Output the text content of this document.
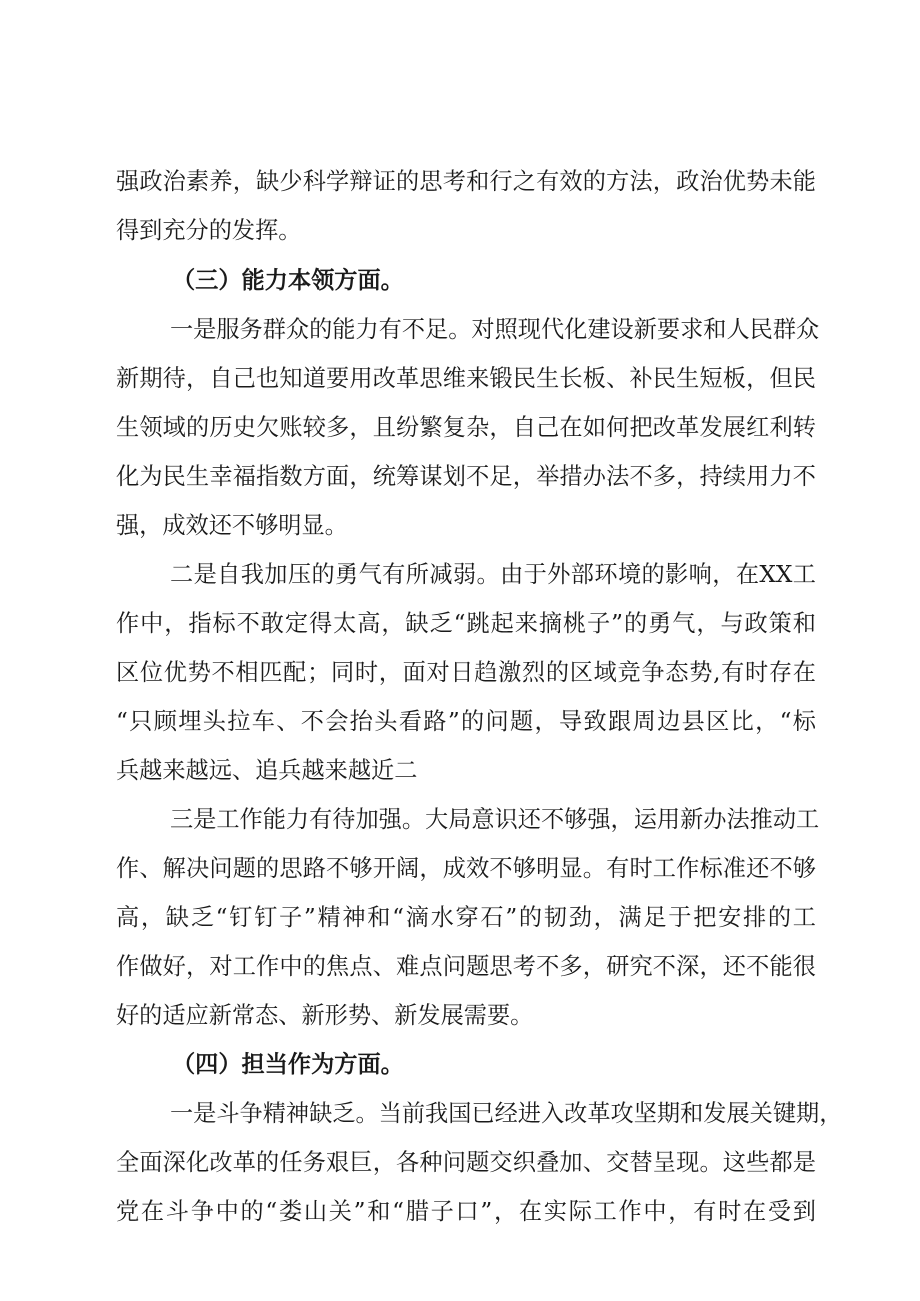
强政治素养，缺少科学辩证的思考和行之有效的方法，政治优势未能
得到充分的发挥。
（三）能力本领方面。
一是服务群众的能力有不足。对照现代化建设新要求和人民群众
新期待，自己也知道要用改革思维来锻民生长板、补民生短板，但民
生领域的历史欠账较多，且纷繁复杂，自己在如何把改革发展红利转
化为民生幸福指数方面，统筹谋划不足，举措办法不多，持续用力不
强，成效还不够明显。
二是自我加压的勇气有所减弱。由于外部环境的影响，在XX工
作中，指标不敢定得太高，缺乏“跳起来摘桃子”的勇气，与政策和
区位优势不相匹配；同时，面对日趋激烈的区域竞争态势,有时存在
“只顾埋头拉车、不会抬头看路”的问题，导致跟周边县区比，“标
兵越来越远、追兵越来越近二
三是工作能力有待加强。大局意识还不够强，运用新办法推动工
作、解决问题的思路不够开阔，成效不够明显。有时工作标准还不够
高，缺乏“钉钉子”精神和“滴水穿石”的韧劲，满足于把安排的工
作做好，对工作中的焦点、难点问题思考不多，研究不深，还不能很
好的适应新常态、新形势、新发展需要。
（四）担当作为方面。
一是斗争精神缺乏。当前我国已经进入改革攻坚期和发展关键期，
全面深化改革的任务艰巨，各种问题交织叠加、交替呈现。这些都是
党在斗争中的“娄山关”和“腊子口”，在实际工作中，有时在受到
